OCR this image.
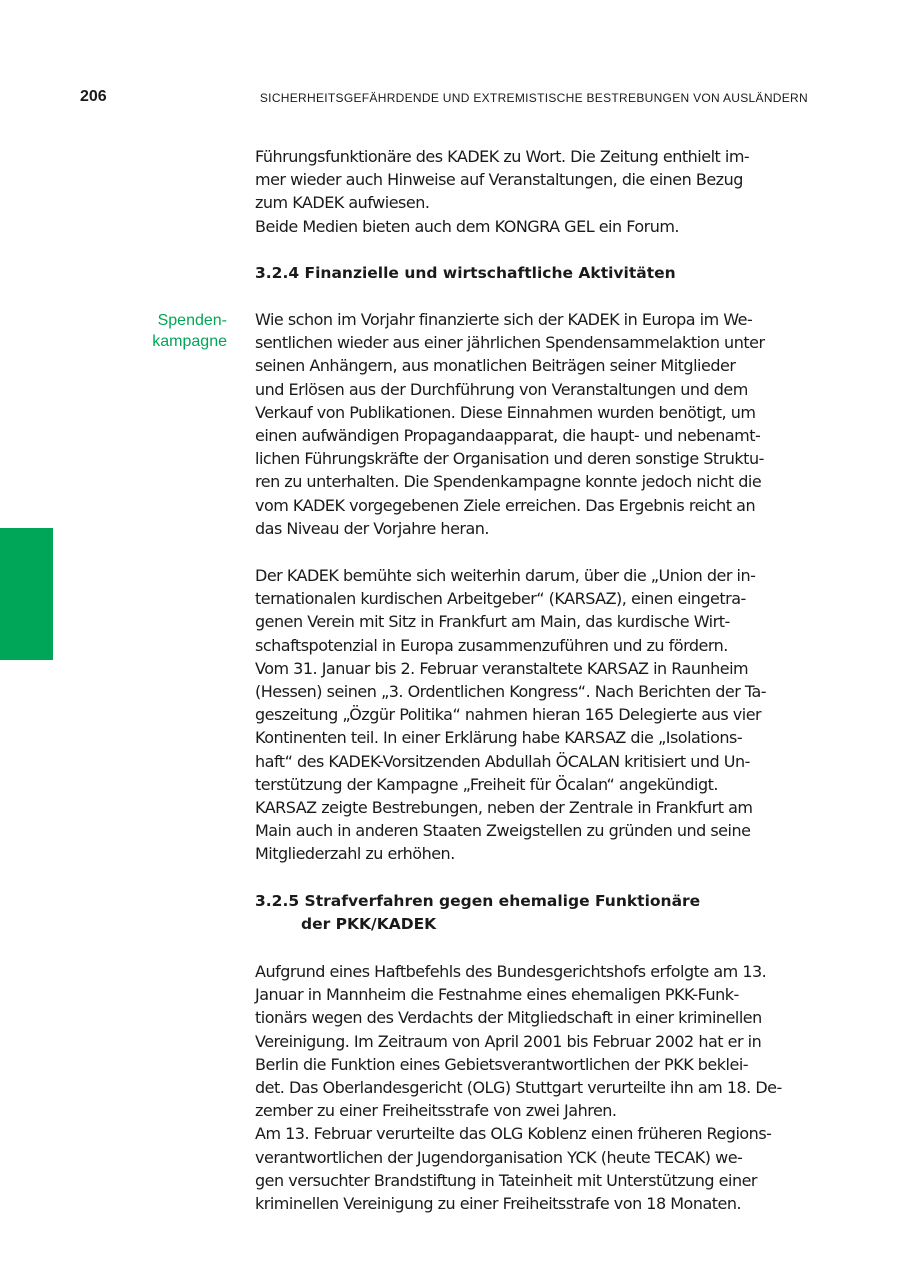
206	SICHERHEITSGEFÄHRDENDE UND EXTREMISTISCHE BESTREBUNGEN VON AUSLÄNDERN
Spenden-
kampagne
Führungsfunktionäre des KADEK zu Wort. Die Zeitung enthielt im-
mer wieder auch Hinweise auf Veranstaltungen, die einen Bezug
zum KADEK aufwiesen.
Beide Medien bieten auch dem KONGRA GEL ein Forum.
3.2.4 Finanzielle und wirtschaftliche Aktivitäten
Wie schon im Vorjahr finanzierte sich der KADEK in Europa im We-
sentlichen wieder aus einer jährlichen Spendensammelaktion unter
seinen Anhängern, aus monatlichen Beiträgen seiner Mitglieder
und Erlösen aus der Durchführung von Veranstaltungen und dem
Verkauf von Publikationen. Diese Einnahmen wurden benötigt, um
einen aufwändigen Propagandaapparat, die haupt- und nebenamt-
lichen Führungskräfte der Organisation und deren sonstige Struktu-
ren zu unterhalten. Die Spendenkampagne konnte jedoch nicht die
vom KADEK vorgegebenen Ziele erreichen. Das Ergebnis reicht an
das Niveau der Vorjahre heran.
Der KADEK bemühte sich weiterhin darum, über die „Union der in-
ternationalen kurdischen Arbeitgeber“ (KARSAZ), einen eingetra-
genen Verein mit Sitz in Frankfurt am Main, das kurdische Wirt-
schaftspotenzial in Europa zusammenzuführen und zu fördern.
Vom 31. Januar bis 2. Februar veranstaltete KARSAZ in Raunheim
(Hessen) seinen „3. Ordentlichen Kongress“. Nach Berichten der Ta-
geszeitung „Özgür Politika“ nahmen hieran 165 Delegierte aus vier
Kontinenten teil. In einer Erklärung habe KARSAZ die „Isolations-
haft“ des KADEK-Vorsitzenden Abdullah ÖCALAN kritisiert und Un-
terstützung der Kampagne „Freiheit für Öcalan“ angekündigt.
KARSAZ zeigte Bestrebungen, neben der Zentrale in Frankfurt am
Main auch in anderen Staaten Zweigstellen zu gründen und seine
Mitgliederzahl zu erhöhen.
3.2.5 Strafverfahren gegen ehemalige Funktionäre
der PKK/KADEK
Aufgrund eines Haftbefehls des Bundesgerichtshofs erfolgte am 13.
Januar in Mannheim die Festnahme eines ehemaligen PKK-Funk-
tionärs wegen des Verdachts der Mitgliedschaft in einer kriminellen
Vereinigung. Im Zeitraum von April 2001 bis Februar 2002 hat er in
Berlin die Funktion eines Gebietsverantwortlichen der PKK beklei-
det. Das Oberlandesgericht (OLG) Stuttgart verurteilte ihn am 18. De-
zember zu einer Freiheitsstrafe von zwei Jahren.
Am 13. Februar verurteilte das OLG Koblenz einen früheren Regions-
verantwortlichen der Jugendorganisation YCK (heute TECAK) we-
gen versuchter Brandstiftung in Tateinheit mit Unterstützung einer
kriminellen Vereinigung zu einer Freiheitsstrafe von 18 Monaten.
